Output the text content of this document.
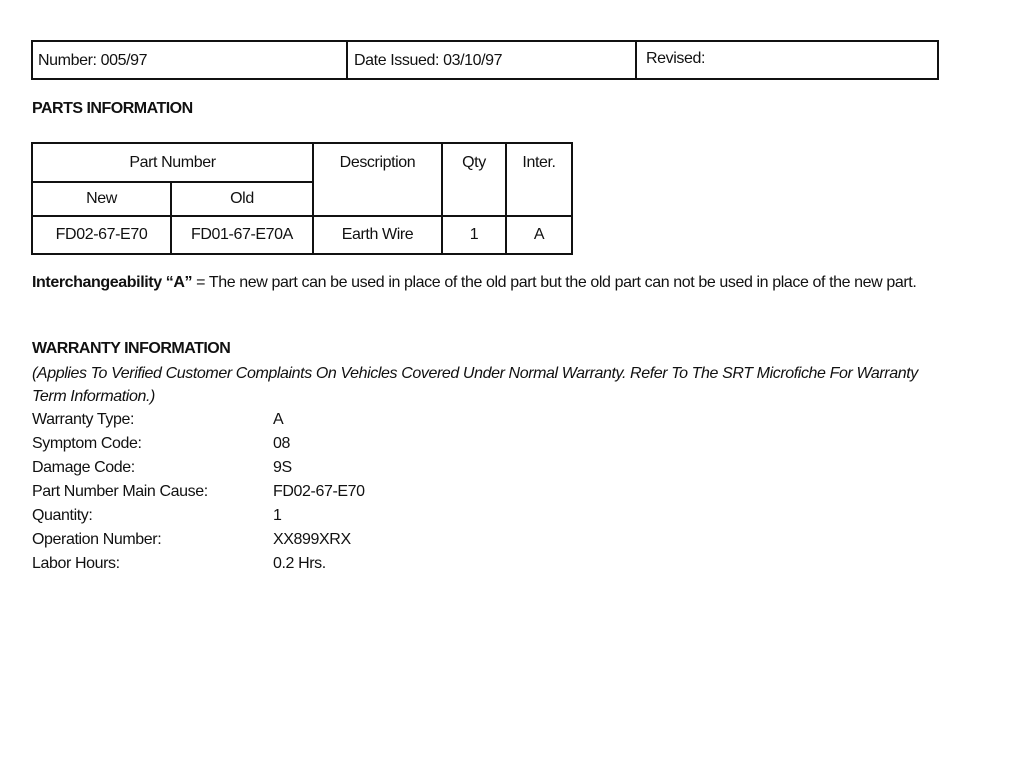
Number: 005/97	Date Issued: 03/10/97	Revised:
PARTS INFORMATION
Part Number		Description	Qty	Inter.
New	Old			
FD02-67-E70	FD01-67-E70A	Earth Wire	1	A
Interchangeability “A” = The new part can be used in place of the old part but the old part can not be used in place of the new part.
WARRANTY INFORMATION
(Applies To Verified Customer Complaints On Vehicles Covered Under Normal Warranty. Refer To The SRT Microfiche For Warranty Term Information.)
Warranty Type:	A
Symptom Code:	08
Damage Code:	9S
Part Number Main Cause:	FD02-67-E70
Quantity:	1
Operation Number:	XX899XRX
Labor Hours:	0.2 Hrs.
